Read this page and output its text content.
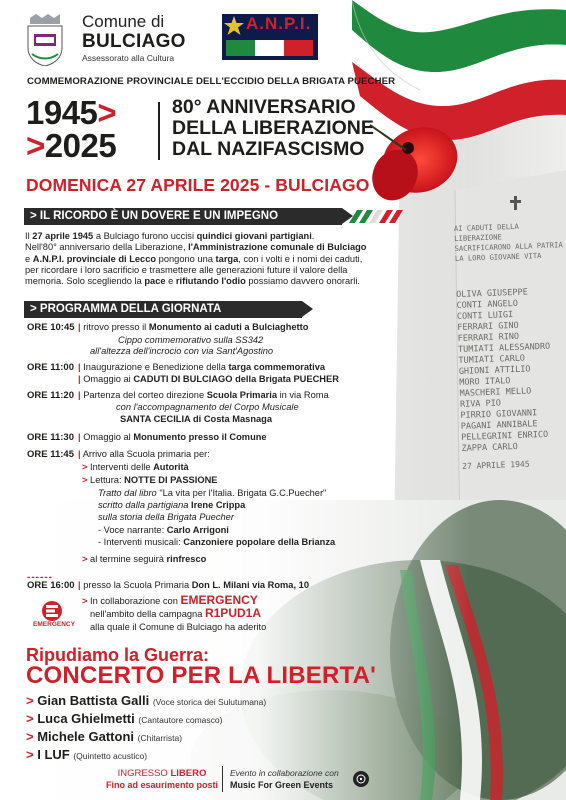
AI CADUTI DELLA LIBERAZIONE
SACRIFICARONO ALLA PATRIA
LA LORO GIOVANE VITA
OLIVA GIUSEPPE
CONTI ANGELO
CONTI LUIGI
FERRARI GINO
FERRARI RINO
TUMIATI ALESSANDRO
TUMIATI CARLO
GHIONI ATTILIO
MORO ITALO
MASCHERI MELLO
RIVA PIO
PIRRIO GIOVANNI
PAGANI ANNIBALE
PELLEGRINI ENRICO
ZAPPA CARLO
27 APRILE 1945
Comune di
BULCIAGO
Assessorato alla Cultura
A.N.P.I.
COMMEMORAZIONE PROVINCIALE DELL'ECCIDIO DELLA BRIGATA PUECHER
1945>
>2025
80° ANNIVERSARIO
DELLA LIBERAZIONE
DAL NAZIFASCISMO
DOMENICA 27 APRILE 2025 - BULCIAGO
> IL RICORDO È UN DOVERE E UN IMPEGNO
Il 27 aprile 1945 a Bulciago furono uccisi quindici giovani partigiani.
Nell'80° anniversario della Liberazione, l'Amministrazione comunale di Bulciago
e A.N.P.I. provinciale di Lecco pongono una targa, con i volti e i nomi dei caduti,
per ricordare i loro sacrificio e trasmettere alle generazioni future il valore della
memoria. Solo scegliendo la pace e rifiutando l'odio possiamo davvero onorarli.
> PROGRAMMA DELLA GIORNATA
ORE 10:45 | ritrovo presso il Monumento ai caduti a Bulciaghetto
Cippo commemorativo sulla SS342
all'altezza dell'incrocio con via Sant'Agostino
ORE 11:00 | Inaugurazione e Benedizione della targa commemorativa
| Omaggio ai CADUTI DI BULCIAGO della Brigata PUECHER
ORE 11:20 | Partenza del corteo direzione Scuola Primaria in via Roma
con l'accompagnamento del Corpo Musicale
SANTA CECILIA di Costa Masnaga
ORE 11:30 | Omaggio al Monumento presso il Comune
ORE 11:45 | Arrivo alla Scuola primaria per:
> Interventi delle Autorità
> Lettura: NOTTE DI PASSIONE
Tratto dal libro "La vita per l'Italia. Brigata G.C.Puecher"
scritto dalla partigiana Irene Crippa
sulla storia della Brigata Puecher
- Voce narrante: Carlo Arrigoni
- Interventi musicali: Canzoniere popolare della Brianza
> al termine seguirà rinfresco
------
ORE 16:00 | presso la Scuola Primaria Don L. Milani via Roma, 10
> In collaborazione con EMERGENCY
nell'ambito della campagna R1PUD1A
alla quale il Comune di Bulciago ha aderito
EMERGENCY
Ripudiamo la Guerra:
CONCERTO PER LA LIBERTA'
> Gian Battista Galli (Voce storica dei Sulutumana)
> Luca Ghielmetti (Cantautore comasco)
> Michele Gattoni (Chitarrista)
> I LUF (Quintetto acustico)
INGRESSO LIBERO
Fino ad esaurimento posti
Evento in collaborazione con
Music For Green Events
